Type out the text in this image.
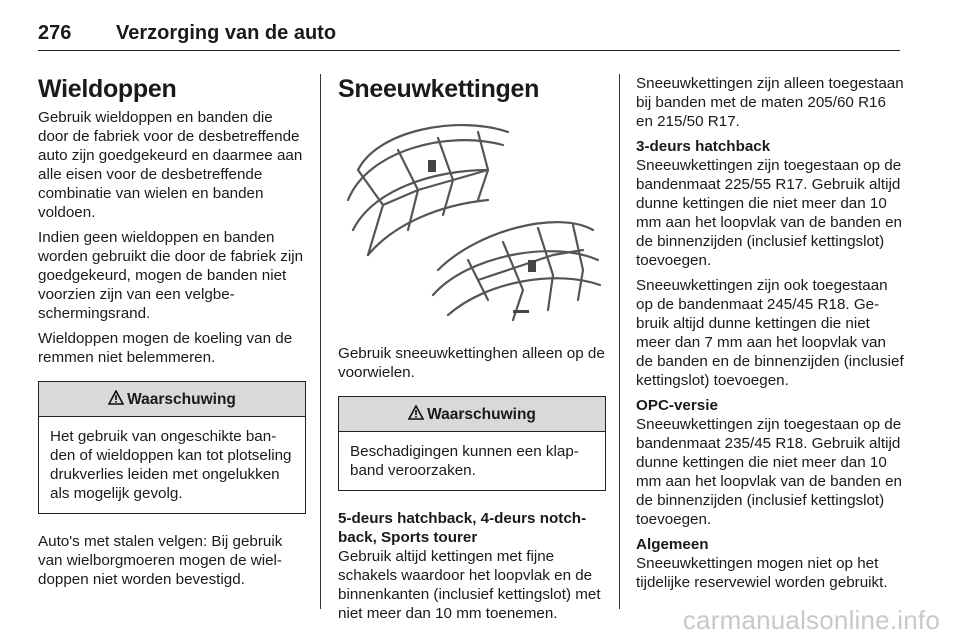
276 Verzorging van de auto
Wieldoppen

Gebruik wieldoppen en banden die door de fabriek voor de desbetreffende auto zijn goedgekeurd en daarmee aan alle eisen voor de desbetreffende combinatie van wielen en banden voldoen.

Indien geen wieldoppen en banden worden gebruikt die door de fabriek zijn goedgekeurd, mogen de banden niet voorzien zijn van een velgbeschermingsrand.

Wieldoppen mogen de koeling van de remmen niet belemmeren.

Waarschuwing
Het gebruik van ongeschikte banden of wieldoppen kan tot plotseling drukverlies leiden met ongelukken als mogelijk gevolg.

Auto's met stalen velgen: Bij gebruik van wielborgmoeren mogen de wieldoppen niet worden bevestigd.

Sneeuwkettingen

Gebruik sneeuwkettinghen alleen op de voorwielen.

Waarschuwing
Beschadigingen kunnen een klapband veroorzaken.

5-deurs hatchback, 4-deurs notchback, Sports tourer
Gebruik altijd kettingen met fijne schakels waardoor het loopvlak en de binnenkanten (inclusief kettingslot) met niet meer dan 10 mm toenemen.

Sneeuwkettingen zijn alleen toegestaan bij banden met de maten 205/60 R16 en 215/50 R17.

3-deurs hatchback
Sneeuwkettingen zijn toegestaan op de bandenmaat 225/55 R17. Gebruik altijd dunne kettingen die niet meer dan 10 mm aan het loopvlak van de banden en de binnenzijden (inclusief kettingslot) toevoegen.

Sneeuwkettingen zijn ook toegestaan op de bandenmaat 245/45 R18. Gebruik altijd dunne kettingen die niet meer dan 7 mm aan het loopvlak van de banden en de binnenzijden (inclusief kettingslot) toevoegen.

OPC-versie
Sneeuwkettingen zijn toegestaan op de bandenmaat 235/45 R18. Gebruik altijd dunne kettingen die niet meer dan 10 mm aan het loopvlak van de banden en de binnenzijden (inclusief kettingslot) toevoegen.

Algemeen
Sneeuwkettingen mogen niet op het tijdelijke reservewiel worden gebruikt.

carmanualsonline.info
